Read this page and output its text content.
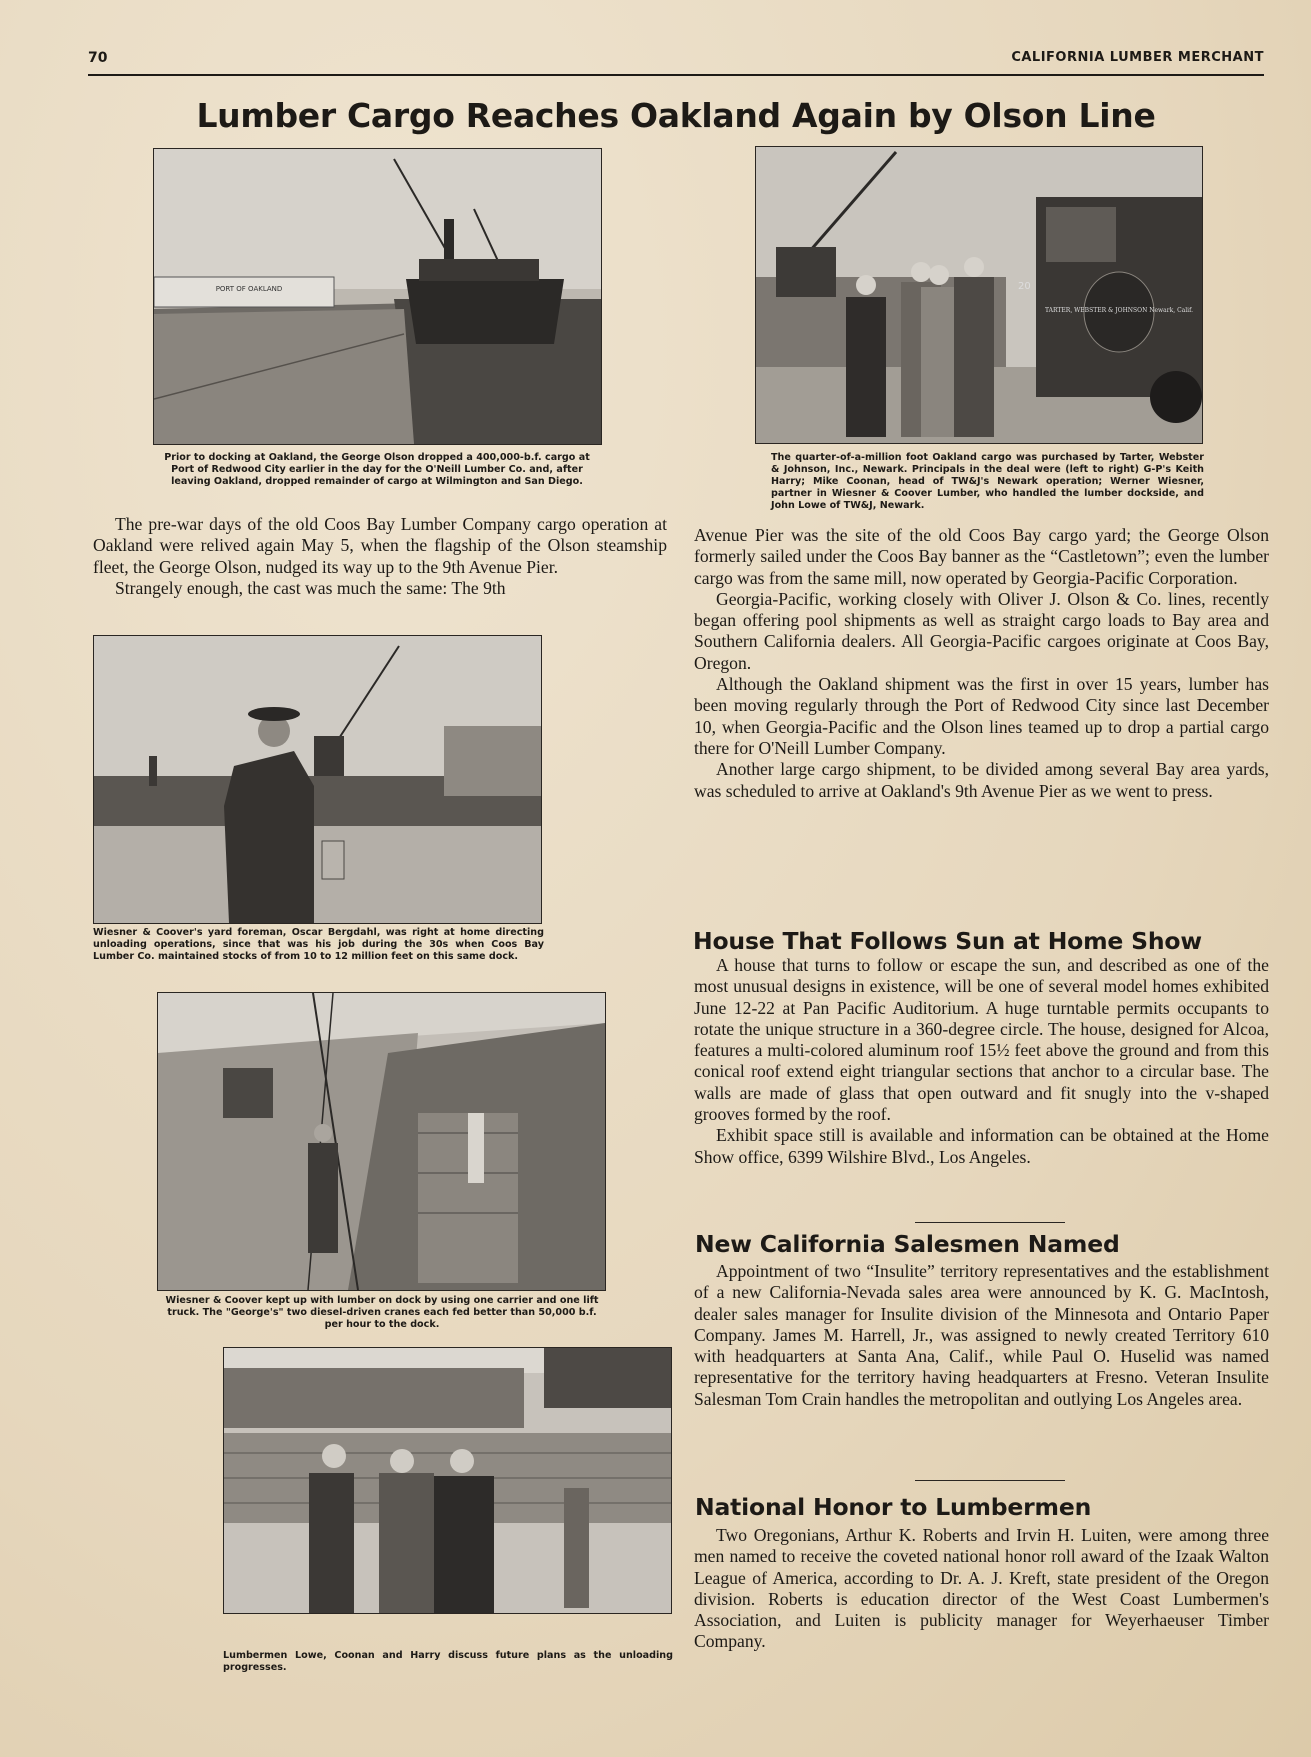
70	CALIFORNIA LUMBER MERCHANT
Lumber Cargo Reaches Oakland Again by Olson Line
PORT OF OAKLAND

Prior to docking at Oakland, the George Olson dropped a 400,000-b.f. cargo at Port of Redwood City earlier in the day for the O'Neill Lumber Co. and, after leaving Oakland, dropped remainder of cargo at Wilmington and San Diego.

20
TARTER, WEBSTER & JOHNSON Newark, Calif.

The quarter-of-a-million foot Oakland cargo was purchased by Tarter, Webster & Johnson, Inc., Newark. Principals in the deal were (left to right) G-P's Keith Harry; Mike Coonan, head of TW&J's Newark operation; Werner Wiesner, partner in Wiesner & Coover Lumber, who handled the lumber dockside, and John Lowe of TW&J, Newark.

The pre-war days of the old Coos Bay Lumber Company cargo operation at Oakland were relived again May 5, when the flagship of the Olson steamship fleet, the George Olson, nudged its way up to the 9th Avenue Pier.

Strangely enough, the cast was much the same: The 9th

Wiesner & Coover's yard foreman, Oscar Bergdahl, was right at home directing unloading operations, since that was his job during the 30s when Coos Bay Lumber Co. maintained stocks of from 10 to 12 million feet on this same dock.

Wiesner & Coover kept up with lumber on dock by using one carrier and one lift truck. The "George's" two diesel-driven cranes each fed better than 50,000 b.f. per hour to the dock.

Lumbermen Lowe, Coonan and Harry discuss future plans as the unloading progresses.

Avenue Pier was the site of the old Coos Bay cargo yard; the George Olson formerly sailed under the Coos Bay banner as the “Castletown”; even the lumber cargo was from the same mill, now operated by Georgia-Pacific Corporation.

Georgia-Pacific, working closely with Oliver J. Olson & Co. lines, recently began offering pool shipments as well as straight cargo loads to Bay area and Southern California dealers. All Georgia-Pacific cargoes originate at Coos Bay, Oregon.

Although the Oakland shipment was the first in over 15 years, lumber has been moving regularly through the Port of Redwood City since last December 10, when Georgia-Pacific and the Olson lines teamed up to drop a partial cargo there for O'Neill Lumber Company.

Another large cargo shipment, to be divided among several Bay area yards, was scheduled to arrive at Oakland's 9th Avenue Pier as we went to press.

House That Follows Sun at Home Show

A house that turns to follow or escape the sun, and described as one of the most unusual designs in existence, will be one of several model homes exhibited June 12-22 at Pan Pacific Auditorium. A huge turntable permits occupants to rotate the unique structure in a 360-degree circle. The house, designed for Alcoa, features a multi-colored aluminum roof 15½ feet above the ground and from this conical roof extend eight triangular sections that anchor to a circular base. The walls are made of glass that open outward and fit snugly into the v-shaped grooves formed by the roof.

Exhibit space still is available and information can be obtained at the Home Show office, 6399 Wilshire Blvd., Los Angeles.

New California Salesmen Named

Appointment of two “Insulite” territory representatives and the establishment of a new California-Nevada sales area were announced by K. G. MacIntosh, dealer sales manager for Insulite division of the Minnesota and Ontario Paper Company. James M. Harrell, Jr., was assigned to newly created Territory 610 with headquarters at Santa Ana, Calif., while Paul O. Huselid was named representative for the territory having headquarters at Fresno. Veteran Insulite Salesman Tom Crain handles the metropolitan and outlying Los Angeles area.

National Honor to Lumbermen

Two Oregonians, Arthur K. Roberts and Irvin H. Luiten, were among three men named to receive the coveted national honor roll award of the Izaak Walton League of America, according to Dr. A. J. Kreft, state president of the Oregon division. Roberts is education director of the West Coast Lumbermen's Association, and Luiten is publicity manager for Weyerhaeuser Timber Company.
